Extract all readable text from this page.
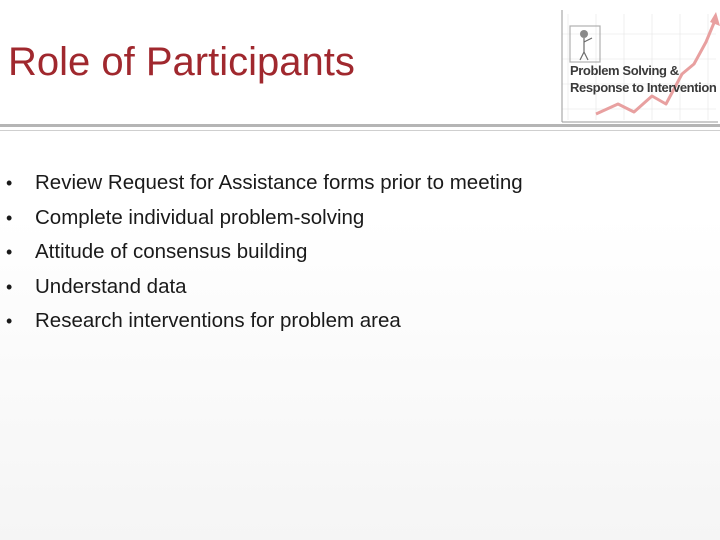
Role of Participants	Problem Solving &
Response to Intervention
• Review Request for Assistance forms prior to meeting
• Complete individual problem-solving
• Attitude of consensus building
• Understand data
• Research interventions for problem area
